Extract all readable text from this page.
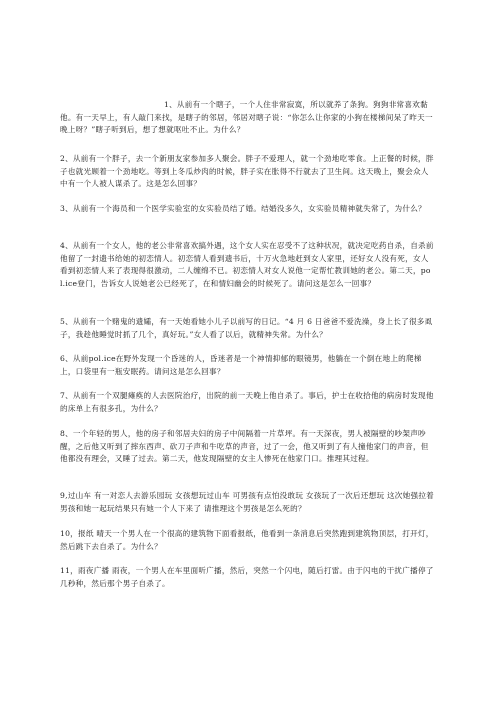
1、从前有一个瞎子，一个人住非常寂寞，所以就养了条狗。狗狗非常喜欢黏他。有一天早上，有人敲门来找，是瞎子的邻居，邻居对瞎子说：“你怎么让你家的小狗在楼梯间呆了昨天一晚上呀？”瞎子听到后，想了想就呕吐不止。为什么？

2、从前有一个胖子，去一个新朋友家参加多人聚会。胖子不爱理人，就一个劲地吃零食。上正餐的时候，胖子也就光顾着一个劲地吃。等到上冬瓜炒肉的时候，胖子实在胀得不行就去了卫生间。这天晚上，聚会众人中有一个人被人谋杀了。这是怎么回事？

3、从前有一个海员和一个医学实验室的女实验员结了婚。结婚没多久，女实验员精神就失常了，为什么？

4、从前有一个女人，他的老公非常喜欢搞外遇，这个女人实在忍受不了这种状况，就决定吃药自杀，自杀前他留了一封遗书给她的初恋情人。初恋情人看到遗书后，十万火急地赶到女人家里，还好女人没有死，女人看到初恋情人来了表现得很激动，二人缠绵不已。初恋情人对女人说他一定帮忙教训她的老公。第二天，pol.ice登门，告诉女人说她老公已经死了，在和情妇幽会的时候死了。请问这是怎么一回事？

5、从前有一个赌鬼的遗孀，有一天她看她小儿子以前写的日记。“4 月 6 日爸爸不爱洗澡，身上长了很多虱子，我趁他睡觉时抓了几个，真好玩。”女人看了以后，就精神失常。为什么？

6、从前pol.ice在野外发现一个昏迷的人，昏迷者是一个神情抑郁的眼镜男，他躺在一个倒在地上的爬梯上，口袋里有一瓶安眠药。请问这是怎么回事？

7、从前有一个双腿瘫痪的人去医院治疗，出院的前一天晚上他自杀了。事后，护士在收拾他的病房时发现他的床单上有很多孔，为什么？

8、一个年轻的男人，他的房子和邻居夫妇的房子中间隔着一片草坪。有一天深夜，男人被隔壁的吵架声吵醒，之后他又听到了摔东西声、砍刀子声和牛吃草的声音，过了一会，他又听到了有人撞他家门的声音，但他都没有理会，又睡了过去。第二天，他发现隔壁的女主人惨死在他家门口。推理其过程。

9,过山车 有一对恋人去游乐园玩 女孩想玩过山车 可男孩有点怕没敢玩 女孩玩了一次后还想玩 这次她强拉着男孩和她一起玩结果只有她一个人下来了 请推理这个男孩是怎么死的？

10，报纸 晴天一个男人在一个很高的建筑物下面看报纸，他看到一条消息后突然跑到建筑物顶层，打开灯，然后跳下去自杀了。为什么？

11，雨夜广播 雨夜，一个男人在车里面听广播，然后，突然一个闪电，随后打雷。由于闪电的干扰广播停了几秒种，然后那个男子自杀了。
